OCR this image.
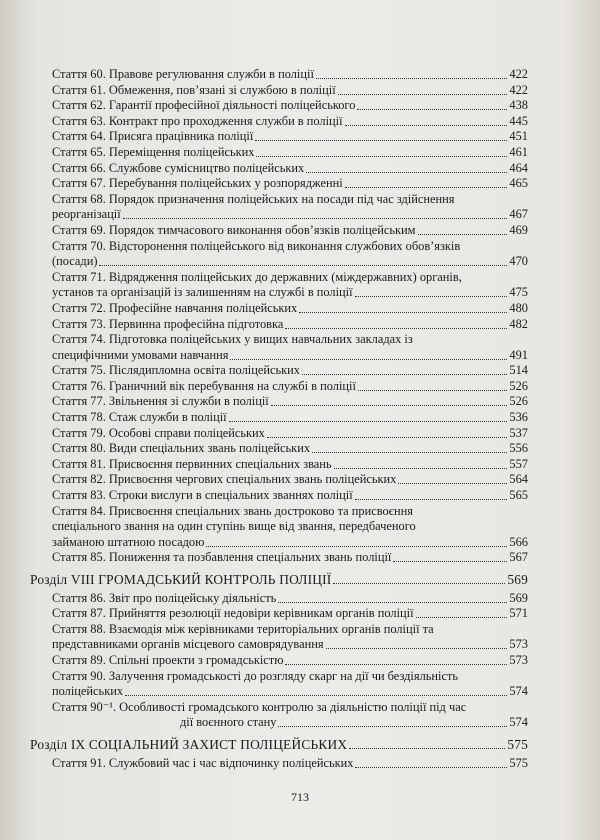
Стаття 60. Правове регулювання служби в поліції	422
Стаття 61. Обмеження, пов’язані зі службою в поліції	422
Стаття 62. Гарантії професійної діяльності поліцейського	438
Стаття 63. Контракт про проходження служби в поліції	445
Стаття 64. Присяга працівника поліції	451
Стаття 65. Переміщення поліцейських	461
Стаття 66. Службове сумісництво поліцейських	464
Стаття 67. Перебування поліцейських у розпорядженні	465
Стаття 68. Порядок призначення поліцейських на посади під час здійснення
реорганізації	467
Стаття 69. Порядок тимчасового виконання обов’язків поліцейським	469
Стаття 70. Відсторонення поліцейського від виконання службових обов’язків
(посади)	470
Стаття 71. Відрядження поліцейських до державних (міждержавних) органів,
установ та організацій із залишенням на службі в поліції	475
Стаття 72. Професійне навчання поліцейських	480
Стаття 73. Первинна професійна підготовка	482
Стаття 74. Підготовка поліцейських у вищих навчальних закладах із
специфічними умовами навчання	491
Стаття 75. Післядипломна освіта поліцейських	514
Стаття 76. Граничний вік перебування на службі в поліції	526
Стаття 77. Звільнення зі служби в поліції	526
Стаття 78. Стаж служби в поліції	536
Стаття 79. Особові справи поліцейських	537
Стаття 80. Види спеціальних звань поліцейських	556
Стаття 81. Присвоєння первинних спеціальних звань	557
Стаття 82. Присвоєння чергових спеціальних звань поліцейських	564
Стаття 83. Строки вислуги в спеціальних званнях поліції	565
Стаття 84. Присвоєння спеціальних звань достроково та присвоєння
спеціального звання на один ступінь вище від звання, передбаченого
займаною штатною посадою	566
Стаття 85. Пониження та позбавлення спеціальних звань поліції	567
Розділ VIII ГРОМАДСЬКИЙ КОНТРОЛЬ ПОЛІЦІЇ	569
Стаття 86. Звіт про поліцейську діяльність	569
Стаття 87. Прийняття резолюції недовіри керівникам органів поліції	571
Стаття 88. Взаємодія між керівниками територіальних органів поліції та
представниками органів місцевого самоврядування	573
Стаття 89. Спільні проекти з громадськістю	573
Стаття 90. Залучення громадськості до розгляду скарг на дії чи бездіяльність
поліцейських	574
Стаття 90⁻¹. Особливості громадського контролю за діяльністю поліції під час
дії воєнного стану	574
Розділ IX СОЦІАЛЬНИЙ ЗАХИСТ ПОЛІЦЕЙСЬКИХ	575
Стаття 91. Службовий час і час відпочинку поліцейських	575
713
